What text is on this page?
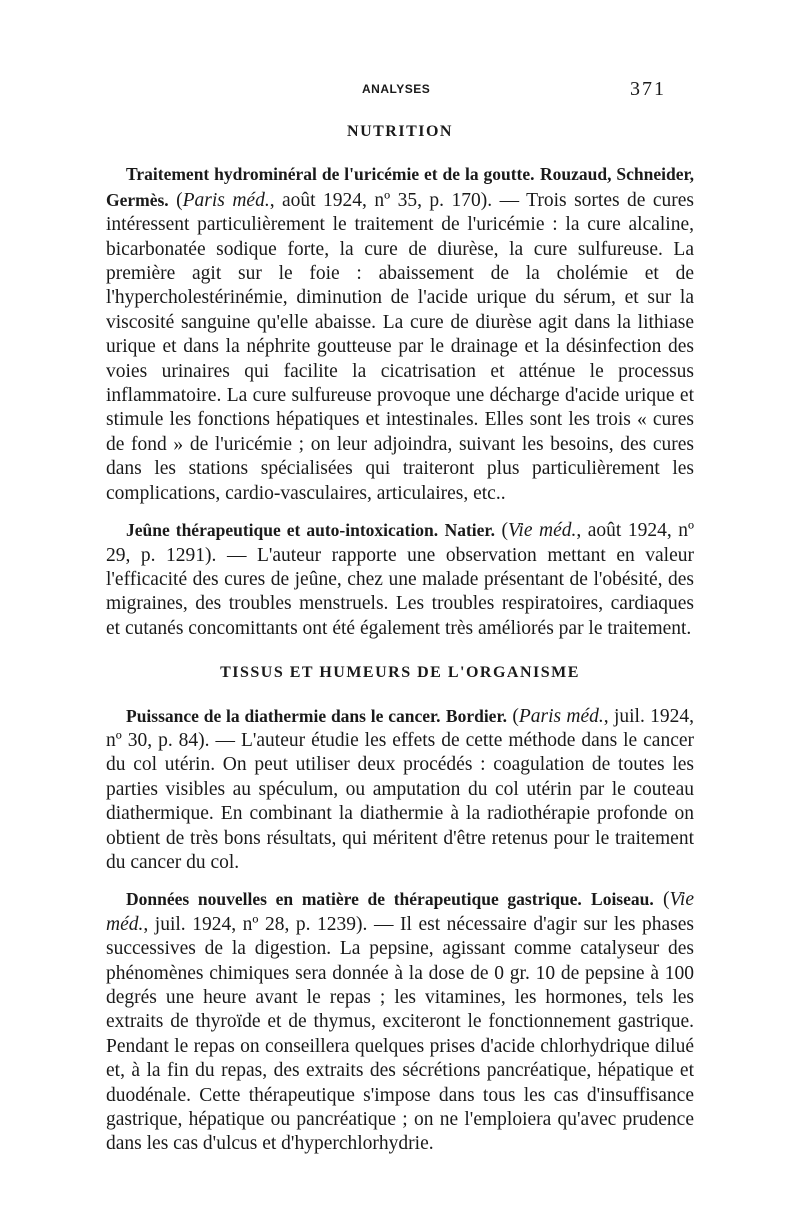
ANALYSES	371
NUTRITION

Traitement hydrominéral de l'uricémie et de la goutte. Rouzaud, Schneider, Germès. (Paris méd., août 1924, nº 35, p. 170). — Trois sortes de cures intéressent particulièrement le traitement de l'uricémie : la cure alcaline, bicarbonatée sodique forte, la cure de diurèse, la cure sulfureuse. La première agit sur le foie : abaissement de la cholémie et de l'hypercholestérinémie, diminution de l'acide urique du sérum, et sur la viscosité sanguine qu'elle abaisse. La cure de diurèse agit dans la lithiase urique et dans la néphrite goutteuse par le drainage et la désinfection des voies urinaires qui facilite la cicatrisation et atténue le processus inflammatoire. La cure sulfureuse provoque une décharge d'acide urique et stimule les fonctions hépatiques et intestinales. Elles sont les trois « cures de fond » de l'uricémie ; on leur adjoindra, suivant les besoins, des cures dans les stations spécialisées qui traiteront plus particulièrement les complications, cardio-vasculaires, articulaires, etc..

Jeûne thérapeutique et auto-intoxication. Natier. (Vie méd., août 1924, nº 29, p. 1291). — L'auteur rapporte une observation mettant en valeur l'efficacité des cures de jeûne, chez une malade présentant de l'obésité, des migraines, des troubles menstruels. Les troubles respiratoires, cardiaques et cutanés concomittants ont été également très améliorés par le traitement.

TISSUS ET HUMEURS DE L'ORGANISME

Puissance de la diathermie dans le cancer. Bordier. (Paris méd., juil. 1924, nº 30, p. 84). — L'auteur étudie les effets de cette méthode dans le cancer du col utérin. On peut utiliser deux procédés : coagulation de toutes les parties visibles au spéculum, ou amputation du col utérin par le couteau diathermique. En combinant la diathermie à la radiothérapie profonde on obtient de très bons résultats, qui méritent d'être retenus pour le traitement du cancer du col.

Données nouvelles en matière de thérapeutique gastrique. Loiseau. (Vie méd., juil. 1924, nº 28, p. 1239). — Il est nécessaire d'agir sur les phases successives de la digestion. La pepsine, agissant comme catalyseur des phénomènes chimiques sera donnée à la dose de 0 gr. 10 de pepsine à 100 degrés une heure avant le repas ; les vitamines, les hormones, tels les extraits de thyroïde et de thymus, exciteront le fonctionnement gastrique. Pendant le repas on conseillera quelques prises d'acide chlorhydrique dilué et, à la fin du repas, des extraits des sécrétions pancréatique, hépatique et duodénale. Cette thérapeutique s'impose dans tous les cas d'insuffisance gastrique, hépatique ou pancréatique ; on ne l'emploiera qu'avec prudence dans les cas d'ulcus et d'hyperchlorhydrie.
